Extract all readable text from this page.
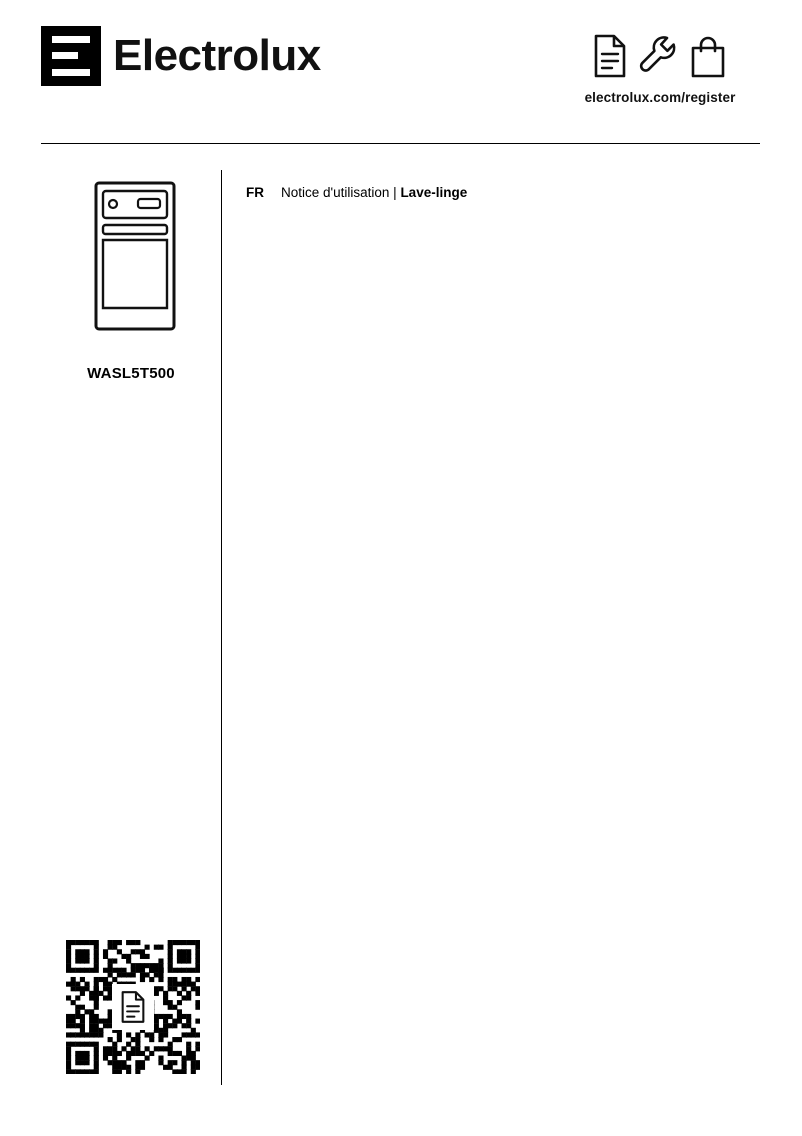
Electrolux
electrolux.com/register
WASL5T500
FR Notice d'utilisation | Lave-linge
